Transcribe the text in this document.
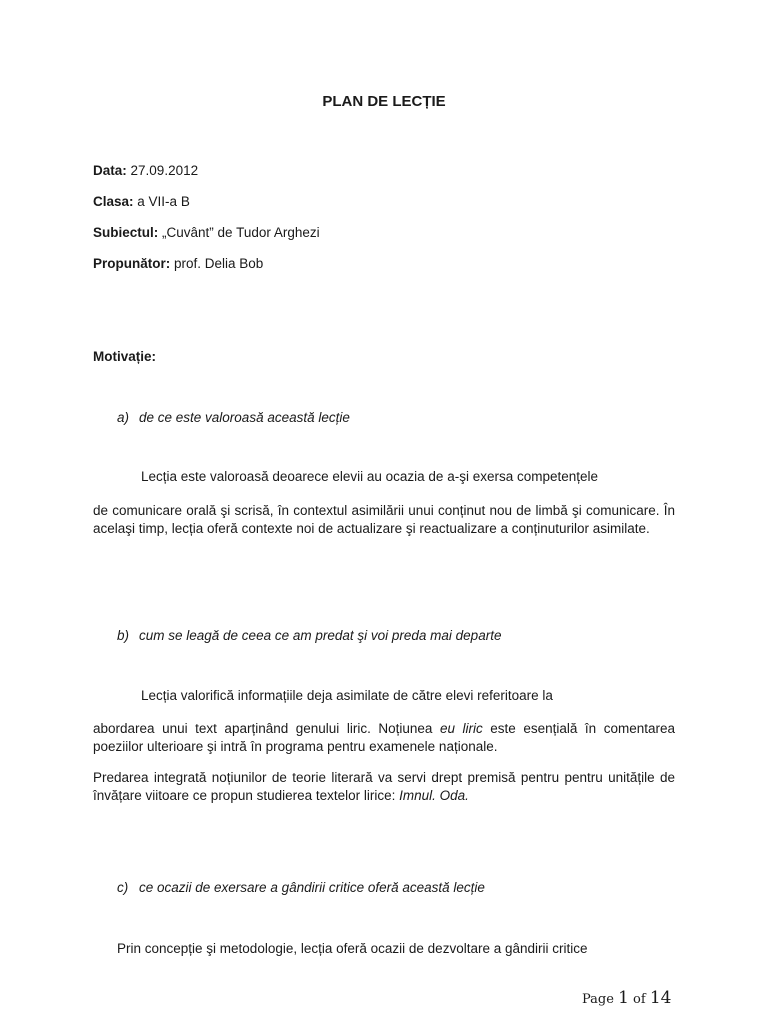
PLAN DE LECȚIE
Data: 27.09.2012
Clasa: a VII-a B
Subiectul: „Cuvânt” de Tudor Arghezi
Propunător: prof. Delia Bob
Motivație:
a) de ce este valoroasă această lecție
Lecția este valoroasă deoarece elevii au ocazia de a-şi exersa competențele
de comunicare orală şi scrisă, în contextul asimilării unui conținut nou de limbă şi comunicare. În acelaşi timp, lecția oferă contexte noi de actualizare şi reactualizare a conținuturilor asimilate.
b) cum se leagă de ceea ce am predat şi voi preda mai departe
Lecția valorifică informațiile deja asimilate de către elevi referitoare la
abordarea unui text aparținând genului liric. Noțiunea eu liric este esențială în comentarea poeziilor ulterioare şi intră în programa pentru examenele naționale.
Predarea integrată noțiunilor de teorie literară va servi drept premisă pentru pentru unitățile de învățare viitoare ce propun studierea textelor lirice: Imnul. Oda.
c) ce ocazii de exersare a gândirii critice oferă această lecție
Prin concepție şi metodologie, lecția oferă ocazii de dezvoltare a gândirii critice
Page 1 of 14
